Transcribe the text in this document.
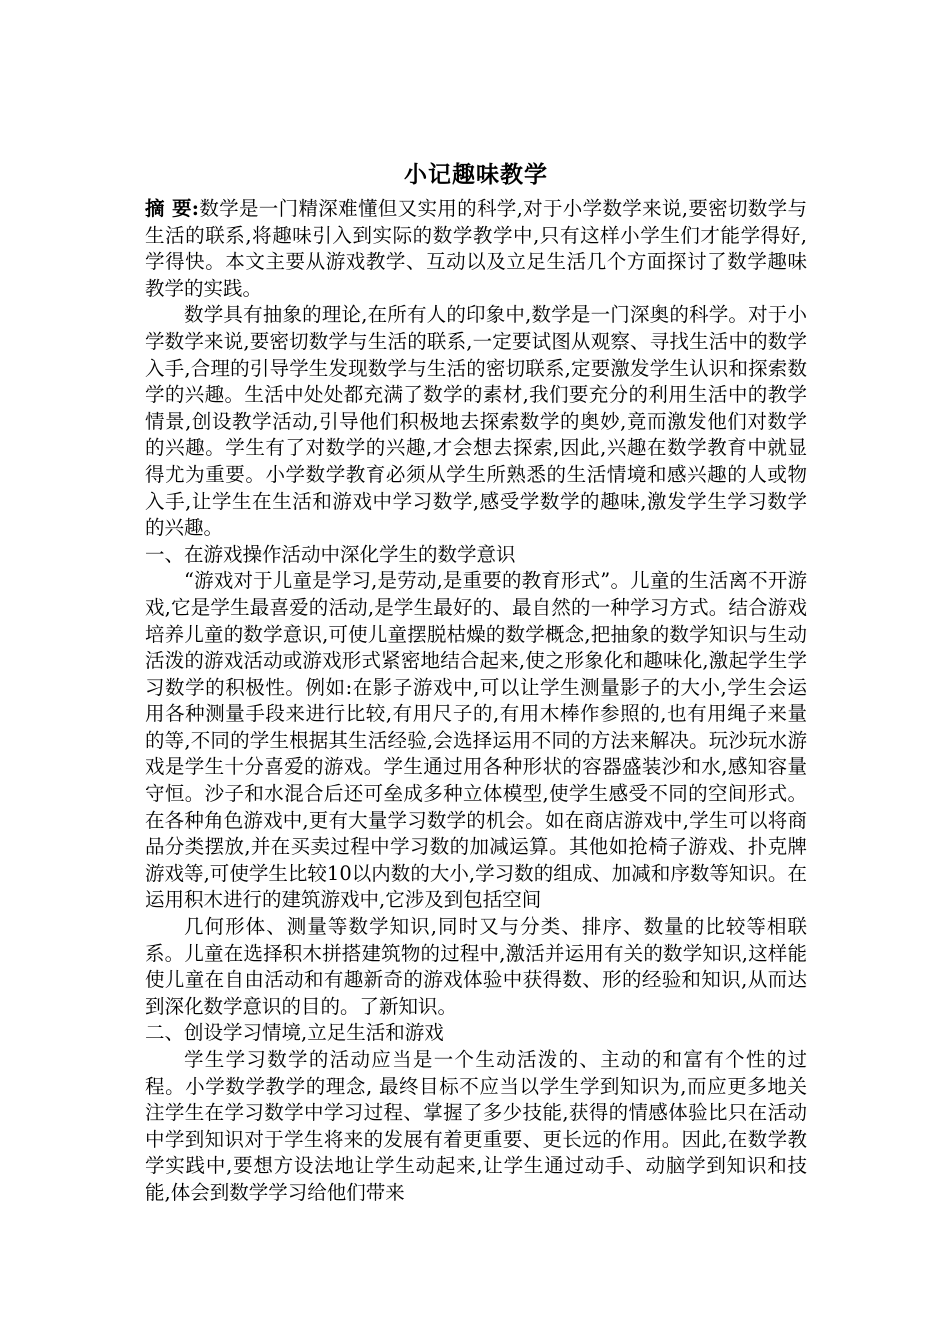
小记趣味教学

摘 要:数学是一门精深难懂但又实用的科学,对于小学数学来说,要密切数学与生活的联系,将趣味引入到实际的数学教学中,只有这样小学生们才能学得好,学得快。本文主要从游戏教学、互动以及立足生活几个方面探讨了数学趣味教学的实践。

数学具有抽象的理论,在所有人的印象中,数学是一门深奥的科学。对于小学数学来说,要密切数学与生活的联系,一定要试图从观察、寻找生活中的数学入手,合理的引导学生发现数学与生活的密切联系,定要激发学生认识和探索数学的兴趣。生活中处处都充满了数学的素材,我们要充分的利用生活中的教学情景,创设教学活动,引导他们积极地去探索数学的奥妙,竟而激发他们对数学的兴趣。学生有了对数学的兴趣,才会想去探索,因此,兴趣在数学教育中就显得尤为重要。小学数学教育必须从学生所熟悉的生活情境和感兴趣的人或物入手,让学生在生活和游戏中学习数学,感受学数学的趣味,激发学生学习数学的兴趣。

一、在游戏操作活动中深化学生的数学意识

“游戏对于儿童是学习,是劳动,是重要的教育形式”。儿童的生活离不开游戏,它是学生最喜爱的活动,是学生最好的、最自然的一种学习方式。结合游戏培养儿童的数学意识,可使儿童摆脱枯燥的数学概念,把抽象的数学知识与生动活泼的游戏活动或游戏形式紧密地结合起来,使之形象化和趣味化,激起学生学习数学的积极性。例如:在影子游戏中,可以让学生测量影子的大小,学生会运用各种测量手段来进行比较,有用尺子的,有用木棒作参照的,也有用绳子来量的等,不同的学生根据其生活经验,会选择运用不同的方法来解决。玩沙玩水游戏是学生十分喜爱的游戏。学生通过用各种形状的容器盛装沙和水,感知容量守恒。沙子和水混合后还可垒成多种立体模型,使学生感受不同的空间形式。在各种角色游戏中,更有大量学习数学的机会。如在商店游戏中,学生可以将商品分类摆放,并在买卖过程中学习数的加减运算。其他如抢椅子游戏、扑克牌游戏等,可使学生比较10以内数的大小,学习数的组成、加减和序数等知识。在运用积木进行的建筑游戏中,它涉及到包括空间

几何形体、测量等数学知识,同时又与分类、排序、数量的比较等相联系。儿童在选择积木拼搭建筑物的过程中,激活并运用有关的数学知识,这样能使儿童在自由活动和有趣新奇的游戏体验中获得数、形的经验和知识,从而达到深化数学意识的目的。了新知识。

二、创设学习情境,立足生活和游戏

学生学习数学的活动应当是一个生动活泼的、主动的和富有个性的过程。小学数学教学的理念, 最终目标不应当以学生学到知识为,而应更多地关注学生在学习数学中学习过程、掌握了多少技能,获得的情感体验比只在活动中学到知识对于学生将来的发展有着更重要、更长远的作用。因此,在数学教学实践中,要想方设法地让学生动起来,让学生通过动手、动脑学到知识和技能,体会到数学学习给他们带来
